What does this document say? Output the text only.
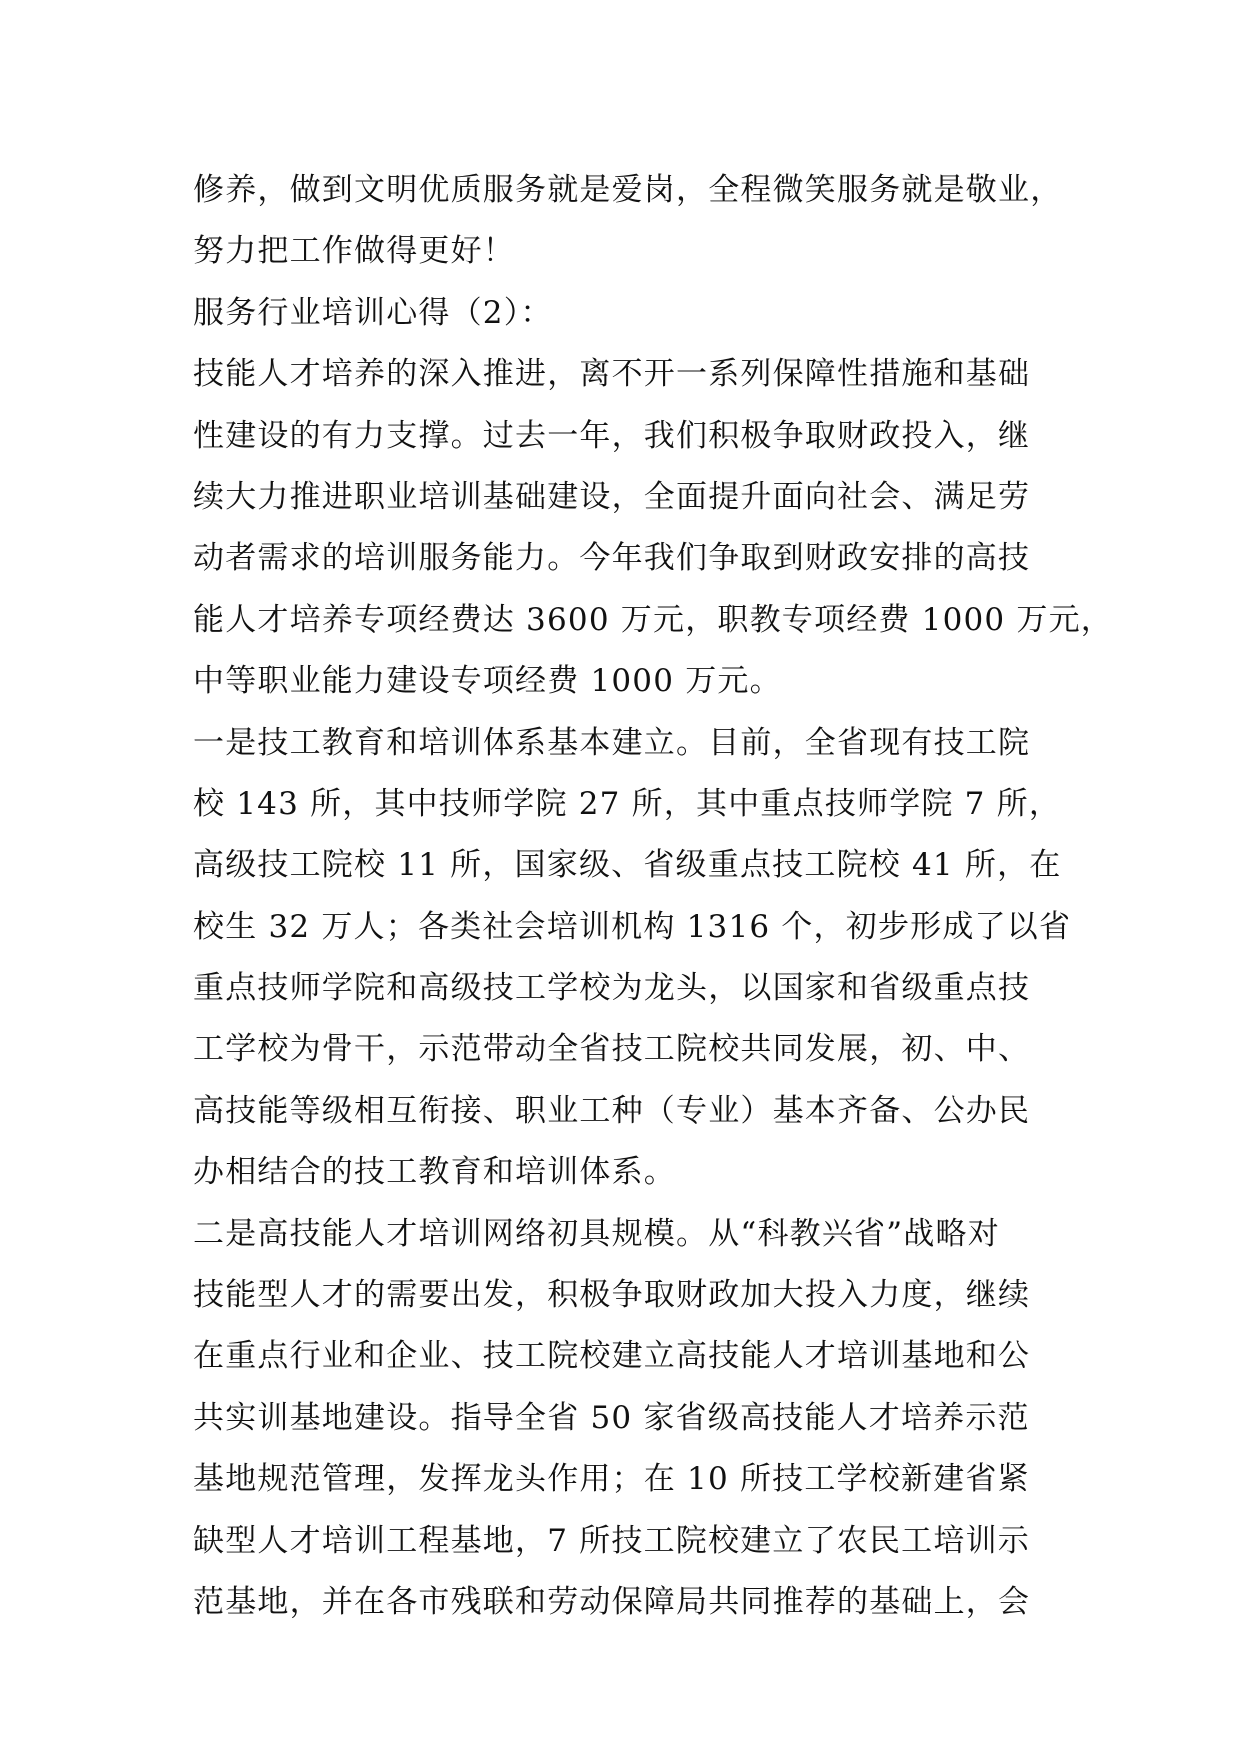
修养，做到文明优质服务就是爱岗，全程微笑服务就是敬业，
努力把工作做得更好！
服务行业培训心得（2）：
技能人才培养的深入推进，离不开一系列保障性措施和基础
性建设的有力支撑。过去一年，我们积极争取财政投入，继
续大力推进职业培训基础建设，全面提升面向社会、满足劳
动者需求的培训服务能力。今年我们争取到财政安排的高技
能人才培养专项经费达 3600 万元，职教专项经费 1000 万元，
中等职业能力建设专项经费 1000 万元。
一是技工教育和培训体系基本建立。目前，全省现有技工院
校 143 所，其中技师学院 27 所，其中重点技师学院 7 所，
高级技工院校 11 所，国家级、省级重点技工院校 41 所，在
校生 32 万人；各类社会培训机构 1316 个，初步形成了以省
重点技师学院和高级技工学校为龙头，以国家和省级重点技
工学校为骨干，示范带动全省技工院校共同发展，初、中、
高技能等级相互衔接、职业工种（专业）基本齐备、公办民
办相结合的技工教育和培训体系。
二是高技能人才培训网络初具规模。从“科教兴省”战略对
技能型人才的需要出发，积极争取财政加大投入力度，继续
在重点行业和企业、技工院校建立高技能人才培训基地和公
共实训基地建设。指导全省 50 家省级高技能人才培养示范
基地规范管理，发挥龙头作用；在 10 所技工学校新建省紧
缺型人才培训工程基地，7 所技工院校建立了农民工培训示
范基地，并在各市残联和劳动保障局共同推荐的基础上，会
